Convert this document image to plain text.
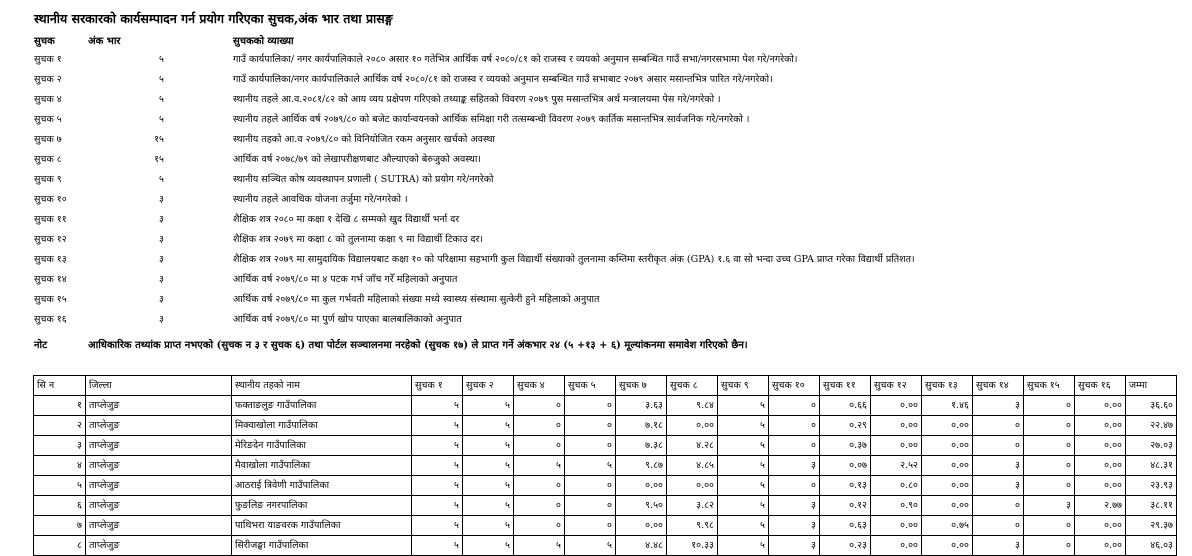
स्थानीय सरकारको कार्यसम्पादन गर्न प्रयोग गरिएका सुचक,अंक भार तथा प्रासङ्ग
सुचक	अंक भार	सुचकको व्याख्या
सुचक १	५	गाउँ कार्यपालिका/ नगर कार्यपालिकाले २०८० असार १० गतेभित्र आर्थिक वर्ष २०८०/८१ को राजस्व र व्ययको अनुमान सम्बन्धित गाउँ सभा/नगरसभामा पेश गरे/नगरेको।
सुचक २	५	गाउँ कार्यपालिका/नगर कार्यपालिकाले आर्थिक वर्ष २०८०/८१ को राजस्व र व्ययको अनुमान सम्बन्धित गाउँ सभाबाट २०७९ असार मसान्तभित्र पारित गरे/नगरेको।
सुचक ४	५	स्थानीय तहले आ.व.२०८१/८२ को आय व्यय प्रक्षेपण गरिएको तथ्याङ्क सहितको विवरण २०७९ पुस मसान्तभित्र अर्थ मन्त्रालयमा पेस गरे/नगरेको ।
सुचक ५	५	स्थानीय तहले आर्थिक वर्ष २०७९/८० को बजेट कार्यान्वयनको आर्थिक समिक्षा गरी तत्सम्बन्धी विवरण २०७९ कार्तिक मसान्तभित्र सार्वजनिक गरे/नगरेको ।
सुचक ७	१५	स्थानीय तहको आ.व २०७९/८० को विनियोजित रकम अनुसार खर्चको अवस्था
सुचक ८	१५	आर्थिक वर्ष २०७८/७९ को लेखापरीक्षणबाट औल्याएको बेरुजुको अवस्था।
सुचक ९	५	स्थानीय सञ्चित कोष व्यवस्थापन प्रणाली ( SUTRA) को प्रयोग गरे/नगरेको
सुचक १०	३	स्थानीय तहले आवधिक योजना तर्जुमा गरे/नगरेको ।
सुचक ११	३	शैक्षिक शत्र २०८० मा कक्षा १ देखि ८ सम्मको खुद विद्यार्थी भर्ना दर
सुचक १२	३	शैक्षिक शत्र २०७९ मा कक्षा ८ को तुलनामा कक्षा ९ मा विद्यार्थी टिकाउ दर।
सुचक १३	३	शैक्षिक शत्र २०७९ मा सामुदायिक विद्यालयबाट कक्षा १० को परिक्षामा सहभागी कुल विद्यार्थी संख्याको तुलनामा कम्तिमा स्तरीकृत अंक (GPA) १.६ वा सो भन्दा उच्च GPA प्राप्त गरेका विद्यार्थी प्रतिशत।
सुचक १४	३	आर्थिक वर्ष २०७९/८० मा ४ पटक गर्भ जाँच गरेँ महिलाको अनुपात
सुचक १५	३	आर्थिक वर्ष २०७९/८० मा कुल गर्भवती महिलाको संख्या मध्ये स्वास्थ्य संस्थामा सुत्केरी हुने महिलाको अनुपात
सुचक १६	३	आर्थिक वर्ष २०७९/८० मा पुर्ण खोप पाएका बालबालिकाको अनुपात
नोट	आधिकारिक तथ्यांक प्राप्त नभएको (सुचक न ३ र सुचक ६) तथा पोर्टल सञ्चालनमा नरहेको (सुचक १७) ले प्राप्त गर्ने अंकभार २४ (५ +१३ + ६) मूल्यांकनमा समावेश गरिएको छैन।
सि न	जिल्ला	स्थानीय तहको नाम	सुचक १	सुचक २	सुचक ४	सुचक ५	सुचक ७	सुचक ८	सुचक ९	सुचक १०	सुचक ११	सुचक १२	सुचक १३	सुचक १४	सुचक १५	सुचक १६	जम्मा
१	ताप्लेजुङ	फक्ताङलुङ गाउँपालिका	५	५	०	०	३.६३	९.८४	५	०	०.६६	०.००	१.४६	३	०	०.००	३६.६०
२	ताप्लेजुङ	मिक्वाखोला गाउँपालिका	५	५	०	०	७.१८	०.००	५	०	०.२९	०.००	०.००	०	०	०.००	२२.४७
३	ताप्लेजुङ	मेरिङदेन गाउँपालिका	५	५	०	०	७.३८	४.२८	५	०	०.३७	०.००	०.००	०	०	०.००	२७.०३
४	ताप्लेजुङ	मैवाखोला गाउँपालिका	५	५	५	५	९.८७	४.८५	५	३	०.०७	२.५२	०.००	३	०	०.००	४८.३१
५	ताप्लेजुङ	आठराई त्रिवेणी गाउँपालिका	५	५	०	०	०.००	०.००	५	०	०.१३	०.८०	०.००	३	०	०.००	२३.९३
६	ताप्लेजुङ	फुङलिङ नगरपालिका	५	५	०	०	९.५०	३.८२	५	३	०.१२	०.९०	०.००	०	३	२.७७	३८.११
७	ताप्लेजुङ	पाथिभरा याङवरक गाउँपालिका	५	५	०	०	०.००	९.९८	५	३	०.६३	०.००	०.७५	०	०	०.००	२९.३७
८	ताप्लेजुङ	सिरीजङ्घा गाउँपालिका	५	५	५	५	४.४८	१०.३३	५	३	०.२३	०.००	०.००	३	०	०.००	४६.०३
